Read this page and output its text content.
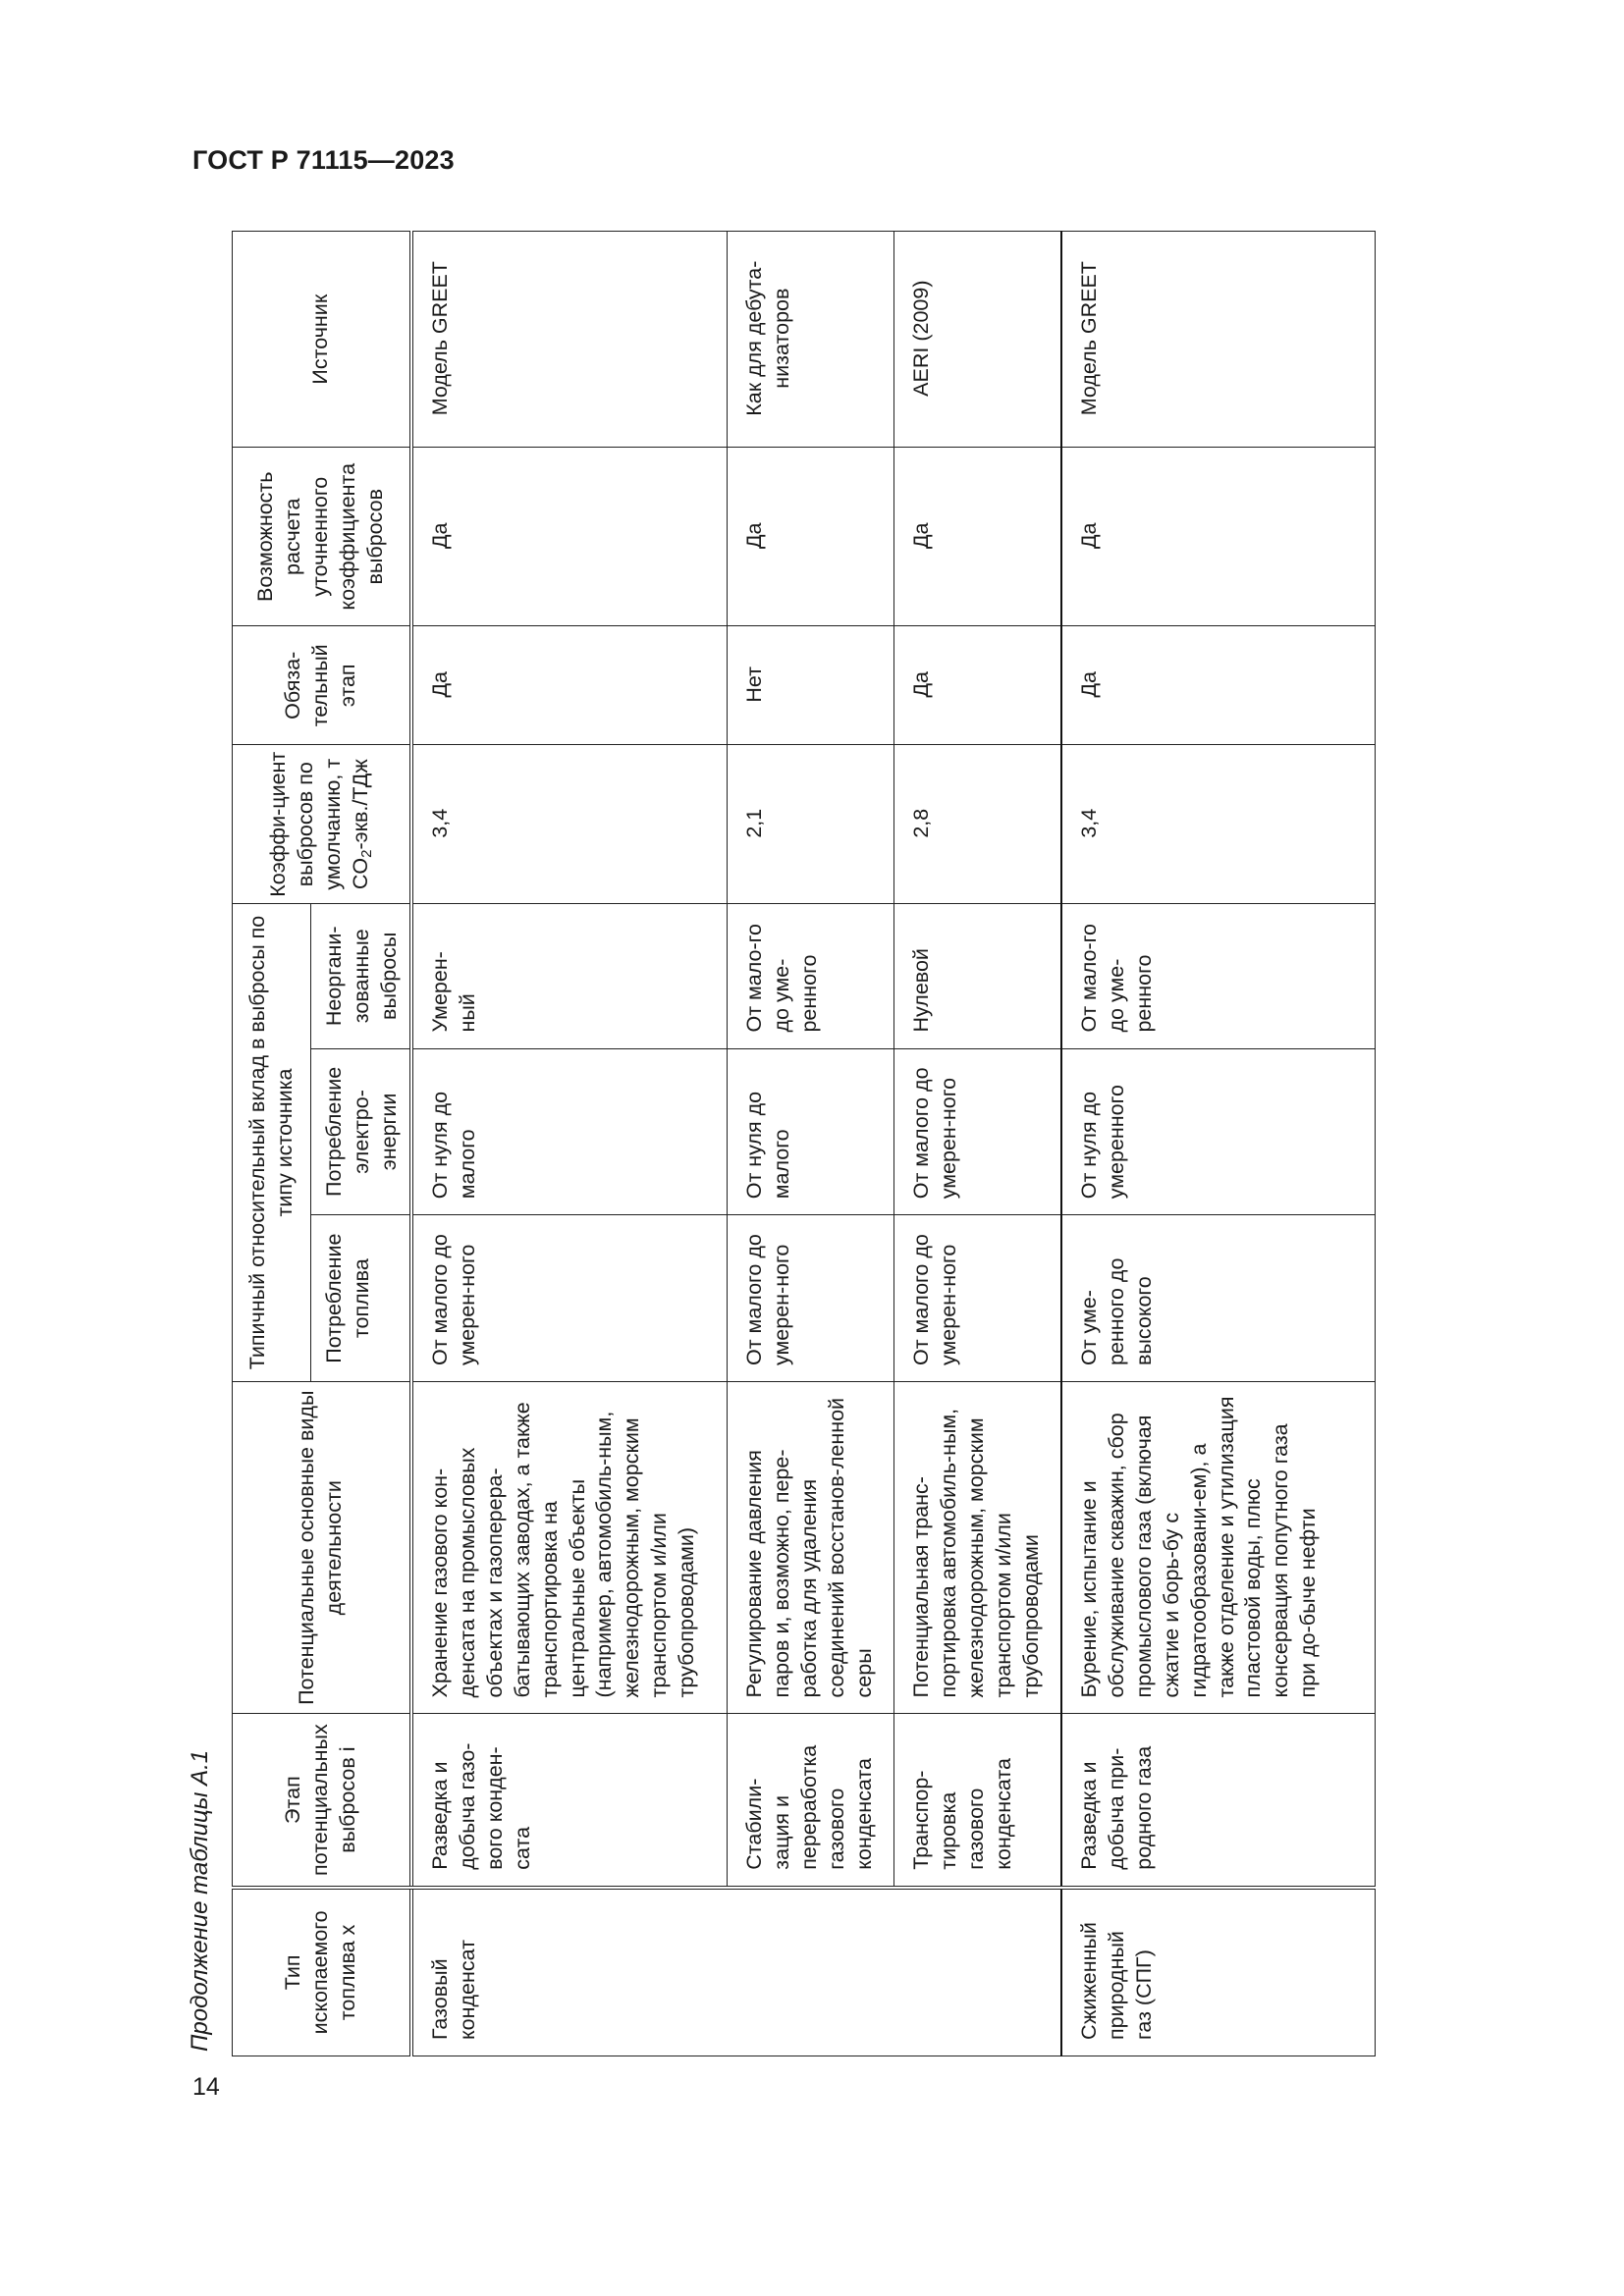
ГОСТ Р 71115—2023
Продолжение таблицы А.1	Тип ископаемого топлива x	Этап потенциальных выбросов i	Потенциальные основные виды деятельности	Типичный относительный вклад в выбросы по типу источника			Коэффи-циент выбросов по умолчанию, т $CO_2-экв$./ТДж	Обяза-тельный этап	Возможность расчета уточненного коэффициента выбросов	Источник
			Потребление топлива	Потребление электро-энергии	Неоргани-зованные выбросы				
Газовый конденсат	Разведка и добыча газо-вого конден-сата	Хранение газового кон-денсата на промысловых объектах и газоперера-батывающих заводах, а также транспортировка на центральные объекты (например, автомобиль-ным, железнодорожным, морским транспортом и/или трубопроводами)	От малого до умерен-ного	От нуля до малого	Умерен-ный	3,4	Да	Да	Модель GREET
	Стабили-зация и переработка газового конденсата	Регулирование давления паров и, возможно, пере-работка для удаления соединений восстанов-ленной серы	От малого до умерен-ного	От нуля до малого	От мало-го до уме-ренного	2,1	Нет	Да	Как для дебута-низаторов
	Транспор-тировка газового конденсата	Потенциальная транс-портировка автомобиль-ным, железнодорожным, морским транспортом и/или трубопроводами	От малого до умерен-ного	От малого до умерен-ного	Нулевой	2,8	Да	Да	AERI (2009)
Сжиженный природный газ (СПГ)	Разведка и добыча при-родного газа	Бурение, испытание и обслуживание скважин, сбор промыслового газа (включая сжатие и борь-бу с гидратообразовани-ем), а также отделение и утилизация пластовой воды, плюс консервация попутного газа при до-быче нефти	От уме-ренного до высокого	От нуля до умеренного	От мало-го до уме-ренного	3,4	Да	Да	Модель GREET
14
